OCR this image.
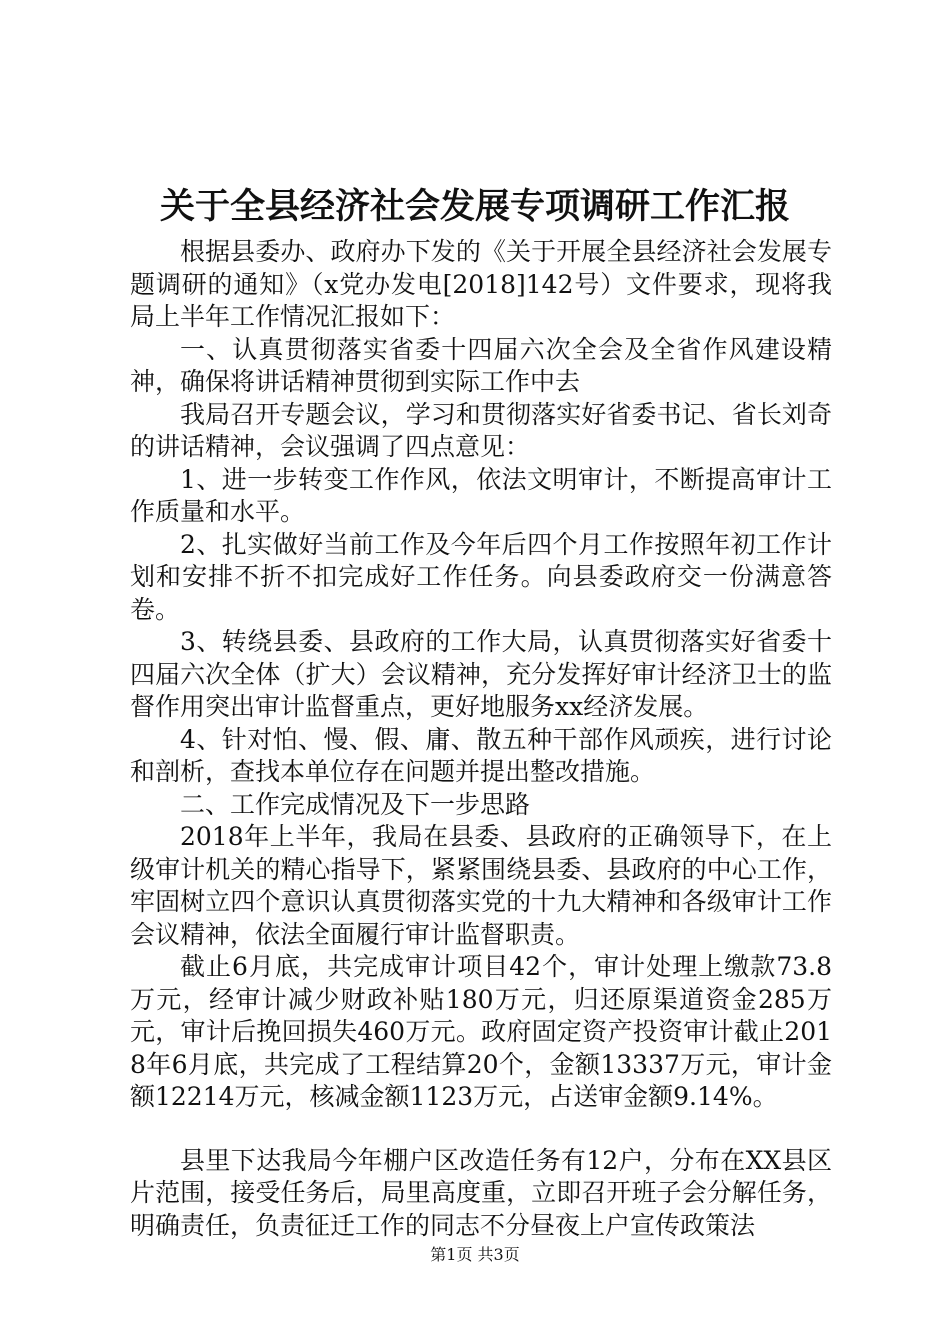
关于全县经济社会发展专项调研工作汇报

根据县委办、政府办下发的《关于开展全县经济社会发展专题调研的通知》（x党办发电[2018]142号）文件要求，现将我局上半年工作情况汇报如下：

一、认真贯彻落实省委十四届六次全会及全省作风建设精神，确保将讲话精神贯彻到实际工作中去

我局召开专题会议，学习和贯彻落实好省委书记、省长刘奇的讲话精神，会议强调了四点意见：

1、进一步转变工作作风，依法文明审计，不断提高审计工作质量和水平。

2、扎实做好当前工作及今年后四个月工作按照年初工作计划和安排不折不扣完成好工作任务。向县委政府交一份满意答卷。

3、转绕县委、县政府的工作大局，认真贯彻落实好省委十四届六次全体（扩大）会议精神，充分发挥好审计经济卫士的监督作用突出审计监督重点，更好地服务xx经济发展。

4、针对怕、慢、假、庸、散五种干部作风顽疾，进行讨论和剖析，查找本单位存在问题并提出整改措施。

二、工作完成情况及下一步思路

2018年上半年，我局在县委、县政府的正确领导下，在上级审计机关的精心指导下，紧紧围绕县委、县政府的中心工作，牢固树立四个意识认真贯彻落实党的十九大精神和各级审计工作会议精神，依法全面履行审计监督职责。

截止6月底，共完成审计项目42个，审计处理上缴款73.8万元，经审计减少财政补贴180万元，归还原渠道资金285万元，审计后挽回损失460万元。政府固定资产投资审计截止2018年6月底，共完成了工程结算20个，金额13337万元，审计金额12214万元，核减金额1123万元，占送审金额9.14%。

县里下达我局今年棚户区改造任务有12户，分布在XX县区片范围，接受任务后，局里高度重，立即召开班子会分解任务，明确责任，负责征迁工作的同志不分昼夜上户宣传政策法

第1页 共3页
